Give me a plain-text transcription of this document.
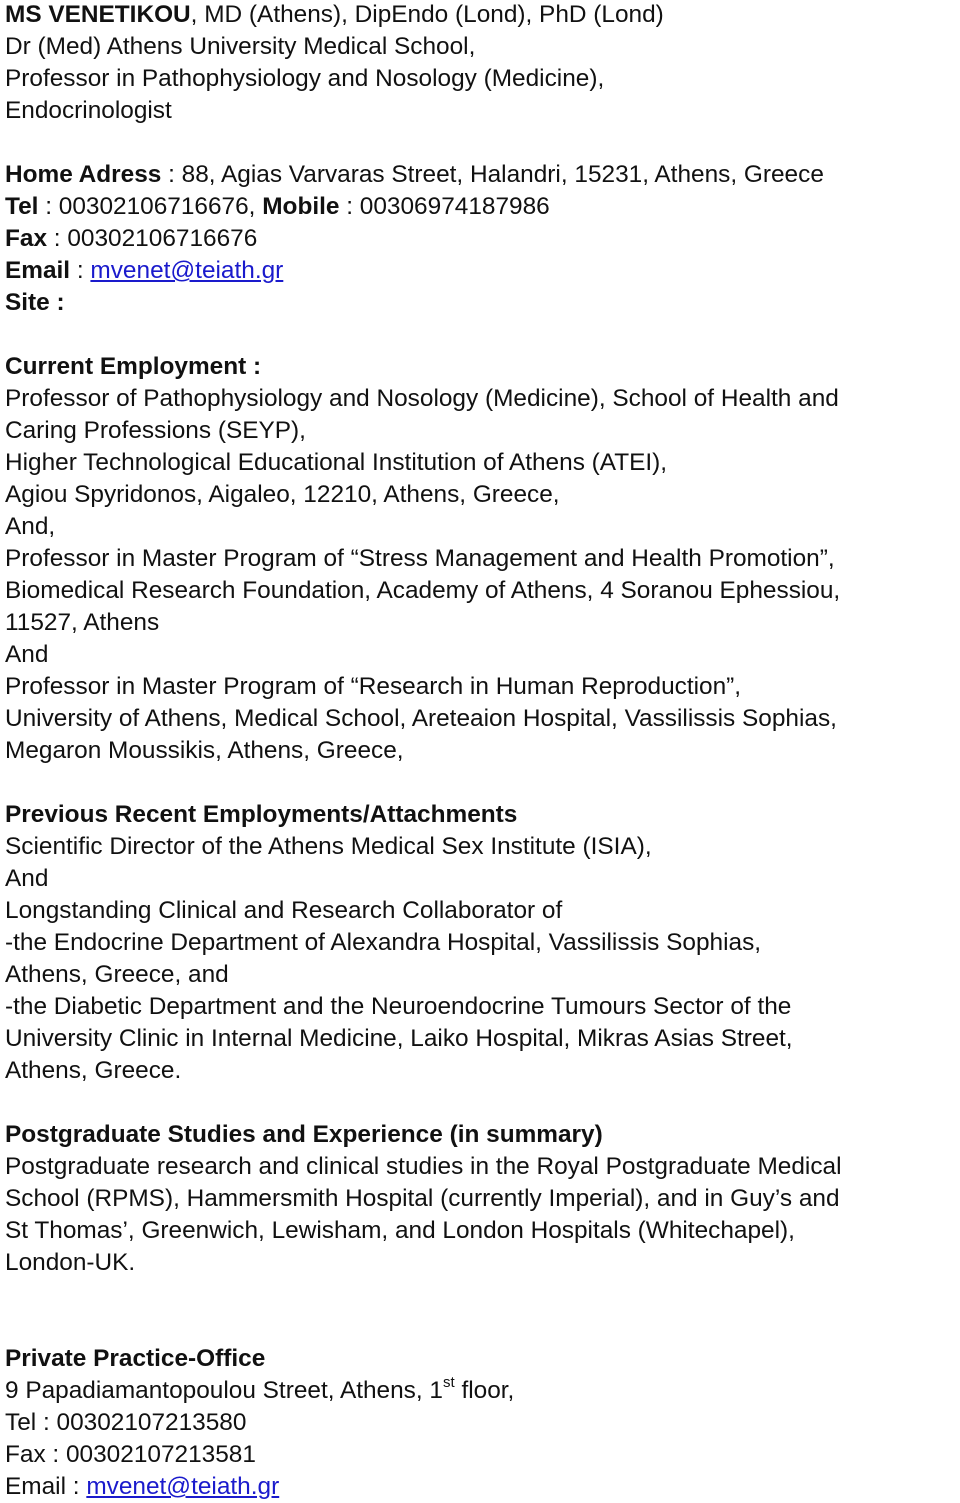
MS VENETIKOU, MD (Athens), DipEndo (Lond), PhD (Lond)
Dr (Med) Athens University Medical School,
Professor in Pathophysiology and Nosology (Medicine),
Endocrinologist
Home Adress : 88, Agias Varvaras Street, Halandri, 15231, Athens, Greece
Tel : 00302106716676, Mobile : 00306974187986
Fax : 00302106716676
Email : mvenet@teiath.gr
Site :
Current Employment :
Professor of Pathophysiology and Nosology (Medicine), School of Health and
Caring Professions (SEYP),
Higher Technological Educational Institution of Athens (ATEI),
Agiou Spyridonos, Aigaleo, 12210, Athens, Greece,
And,
Professor in Master Program of “Stress Management and Health Promotion”,
Biomedical Research Foundation, Academy of Athens, 4 Soranou Ephessiou,
11527, Athens
And
Professor in Master Program of “Research in Human Reproduction”,
University of Athens, Medical School, Areteaion Hospital, Vassilissis Sophias,
Megaron Moussikis, Athens, Greece,
Previous Recent Employments/Attachments
Scientific Director of the Athens Medical Sex Institute (ISIA),
And
Longstanding Clinical and Research Collaborator of
-the Endocrine Department of Alexandra Hospital, Vassilissis Sophias,
Athens, Greece, and
-the Diabetic Department and the Neuroendocrine Tumours Sector of the
University Clinic in Internal Medicine, Laiko Hospital, Mikras Asias Street,
Athens, Greece.
Postgraduate Studies and Experience (in summary)
Postgraduate research and clinical studies in the Royal Postgraduate Medical
School (RPMS), Hammersmith Hospital (currently Imperial), and in Guy’s and
St Thomas’, Greenwich, Lewisham, and London Hospitals (Whitechapel),
London-UK.
Private Practice-Office
9 Papadiamantopoulou Street, Athens, 1st floor,
Tel : 00302107213580
Fax : 00302107213581
Email : mvenet@teiath.gr
